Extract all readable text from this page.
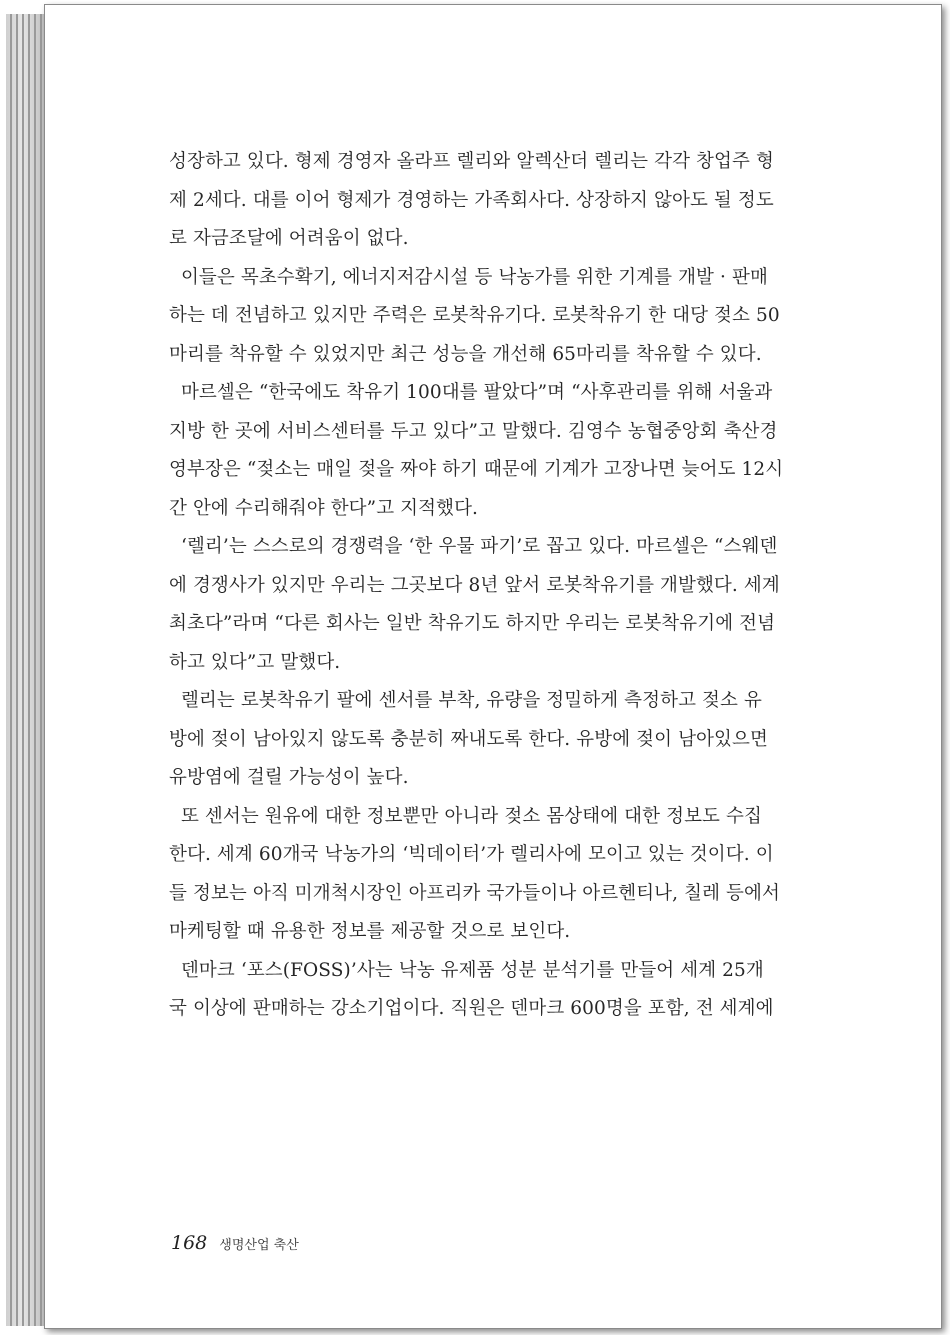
성장하고 있다. 형제 경영자 올라프 렐리와 알렉산더 렐리는 각각 창업주 형
제 2세다. 대를 이어 형제가 경영하는 가족회사다. 상장하지 않아도 될 정도
로 자금조달에 어려움이 없다.
이들은 목초수확기, 에너지저감시설 등 낙농가를 위한 기계를 개발 · 판매
하는 데 전념하고 있지만 주력은 로봇착유기다. 로봇착유기 한 대당 젖소 50
마리를 착유할 수 있었지만 최근 성능을 개선해 65마리를 착유할 수 있다.
마르셀은 “한국에도 착유기 100대를 팔았다”며 “사후관리를 위해 서울과
지방 한 곳에 서비스센터를 두고 있다”고 말했다. 김영수 농협중앙회 축산경
영부장은 “젖소는 매일 젖을 짜야 하기 때문에 기계가 고장나면 늦어도 12시
간 안에 수리해줘야 한다”고 지적했다.
‘렐리’는 스스로의 경쟁력을 ‘한 우물 파기’로 꼽고 있다. 마르셀은 “스웨덴
에 경쟁사가 있지만 우리는 그곳보다 8년 앞서 로봇착유기를 개발했다. 세계
최초다”라며 “다른 회사는 일반 착유기도 하지만 우리는 로봇착유기에 전념
하고 있다”고 말했다.
렐리는 로봇착유기 팔에 센서를 부착, 유량을 정밀하게 측정하고 젖소 유
방에 젖이 남아있지 않도록 충분히 짜내도록 한다. 유방에 젖이 남아있으면
유방염에 걸릴 가능성이 높다.
또 센서는 원유에 대한 정보뿐만 아니라 젖소 몸상태에 대한 정보도 수집
한다. 세계 60개국 낙농가의 ‘빅데이터’가 렐리사에 모이고 있는 것이다. 이
들 정보는 아직 미개척시장인 아프리카 국가들이나 아르헨티나, 칠레 등에서
마케팅할 때 유용한 정보를 제공할 것으로 보인다.
덴마크 ‘포스(FOSS)’사는 낙농 유제품 성분 분석기를 만들어 세계 25개
국 이상에 판매하는 강소기업이다. 직원은 덴마크 600명을 포함, 전 세계에
168 생명산업 축산
